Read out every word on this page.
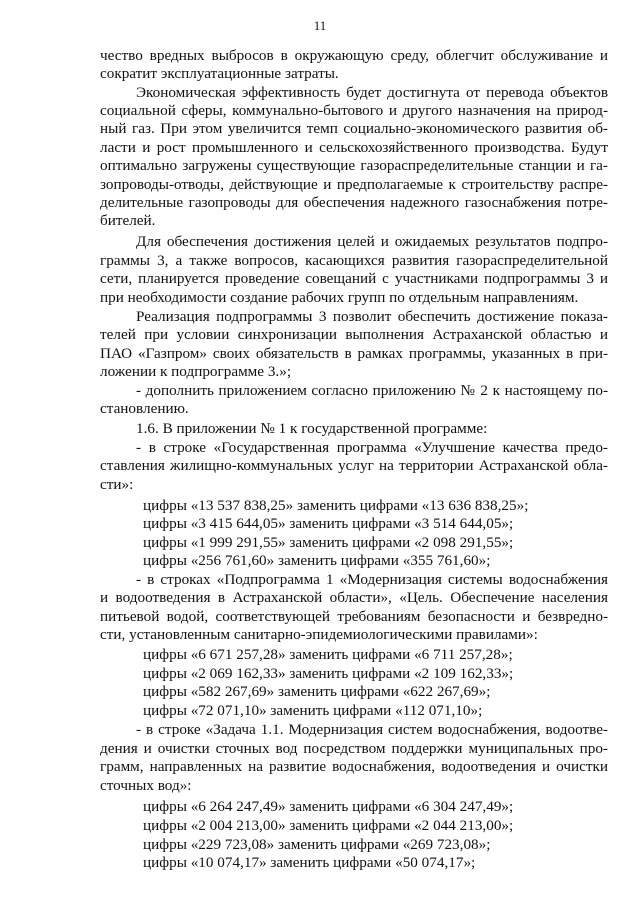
11
чество вредных выбросов в окружающую среду, облегчит обслуживание и
сократит эксплуатационные затраты.
Экономическая эффективность будет достигнута от перевода объектов
социальной сферы, коммунально-бытового и другого назначения на природ-
ный газ. При этом увеличится темп социально-экономического развития об-
ласти и рост промышленного и сельскохозяйственного производства. Будут
оптимально загружены существующие газораспределительные станции и га-
зопроводы-отводы, действующие и предполагаемые к строительству распре-
делительные газопроводы для обеспечения надежного газоснабжения потре-
бителей.
Для обеспечения достижения целей и ожидаемых результатов подпро-
граммы 3, а также вопросов, касающихся развития газораспределительной
сети, планируется проведение совещаний с участниками подпрограммы 3 и
при необходимости создание рабочих групп по отдельным направлениям.
Реализация подпрограммы 3 позволит обеспечить достижение показа-
телей при условии синхронизации выполнения Астраханской областью и
ПАО «Газпром» своих обязательств в рамках программы, указанных в при-
ложении к подпрограмме 3.»;
- дополнить приложением согласно приложению № 2 к настоящему по-
становлению.
1.6. В приложении № 1 к государственной программе:
- в строке «Государственная программа «Улучшение качества предо-
ставления жилищно-коммунальных услуг на территории Астраханской обла-
сти»:
цифры «13 537 838,25» заменить цифрами «13 636 838,25»;
цифры «3 415 644,05» заменить цифрами «3 514 644,05»;
цифры «1 999 291,55» заменить цифрами «2 098 291,55»;
цифры «256 761,60» заменить цифрами «355 761,60»;
- в строках «Подпрограмма 1 «Модернизация системы водоснабжения
и водоотведения в Астраханской области», «Цель. Обеспечение населения
питьевой водой, соответствующей требованиям безопасности и безвредно-
сти, установленным санитарно-эпидемиологическими правилами»:
цифры «6 671 257,28» заменить цифрами «6 711 257,28»;
цифры «2 069 162,33» заменить цифрами «2 109 162,33»;
цифры «582 267,69» заменить цифрами «622 267,69»;
цифры «72 071,10» заменить цифрами «112 071,10»;
- в строке «Задача 1.1. Модернизация систем водоснабжения, водоотве-
дения и очистки сточных вод посредством поддержки муниципальных про-
грамм, направленных на развитие водоснабжения, водоотведения и очистки
сточных вод»:
цифры «6 264 247,49» заменить цифрами «6 304 247,49»;
цифры «2 004 213,00» заменить цифрами «2 044 213,00»;
цифры «229 723,08» заменить цифрами «269 723,08»;
цифры «10 074,17» заменить цифрами «50 074,17»;
